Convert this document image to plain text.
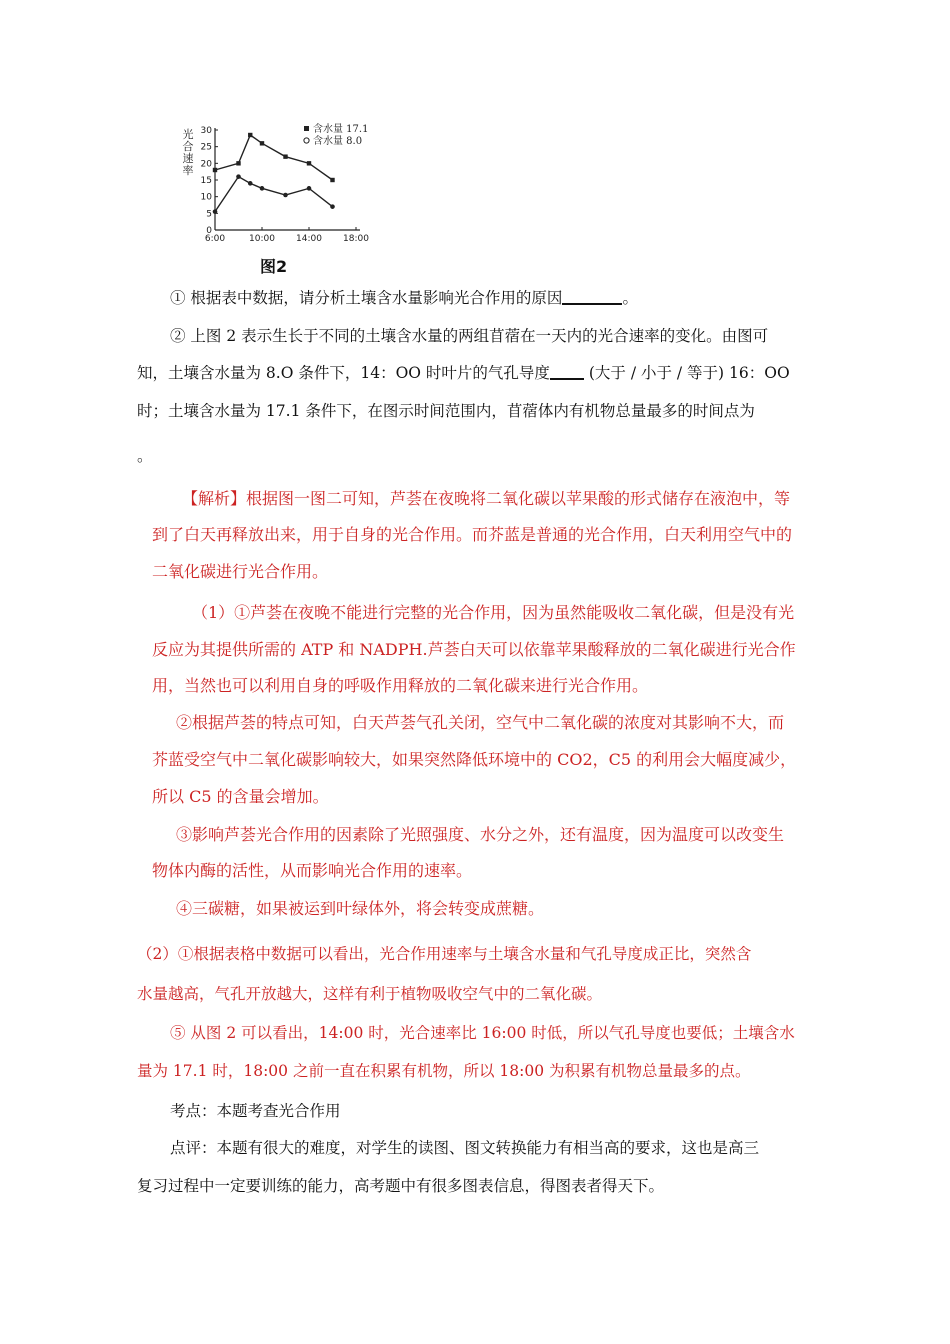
0
5
10
15
20
25
30
6:00	10:00 14:00 18:00
光
合
速
率
含水量 17.1
含水量 8.0
图2
① 根据表中数据，请分析土壤含水量影响光合作用的原因	。
② 上图 2 表示生长于不同的土壤含水量的两组苜蓿在一天内的光合速率的变化。由图可
知，土壤含水量为 8.O 条件下，14：OO 时叶片的气孔导度	(大于 / 小于 / 等于) 16：OO
时；土壤含水量为 17.1 条件下，在图示时间范围内，苜蓿体内有机物总量最多的时间点为
。
【解析】根据图一图二可知，芦荟在夜晚将二氧化碳以苹果酸的形式储存在液泡中，等
到了白天再释放出来，用于自身的光合作用。而芥蓝是普通的光合作用，白天利用空气中的
二氧化碳进行光合作用。
（1）①芦荟在夜晚不能进行完整的光合作用，因为虽然能吸收二氧化碳，但是没有光
反应为其提供所需的 ATP 和 NADPH.芦荟白天可以依靠苹果酸释放的二氧化碳进行光合作
用，当然也可以利用自身的呼吸作用释放的二氧化碳来进行光合作用。
②根据芦荟的特点可知，白天芦荟气孔关闭，空气中二氧化碳的浓度对其影响不大，而
芥蓝受空气中二氧化碳影响较大，如果突然降低环境中的 CO2，C5 的利用会大幅度减少，
所以 C5 的含量会增加。
③影响芦荟光合作用的因素除了光照强度、水分之外，还有温度，因为温度可以改变生
物体内酶的活性，从而影响光合作用的速率。
④三碳糖，如果被运到叶绿体外，将会转变成蔗糖。
（2）①根据表格中数据可以看出，光合作用速率与土壤含水量和气孔导度成正比，突然含
水量越高，气孔开放越大，这样有利于植物吸收空气中的二氧化碳。
⑤ 从图 2 可以看出，14:00 时，光合速率比 16:00 时低，所以气孔导度也要低；土壤含水
量为 17.1 时，18:00 之前一直在积累有机物，所以 18:00 为积累有机物总量最多的点。
考点：本题考查光合作用
点评：本题有很大的难度，对学生的读图、图文转换能力有相当高的要求，这也是高三
复习过程中一定要训练的能力，高考题中有很多图表信息，得图表者得天下。
